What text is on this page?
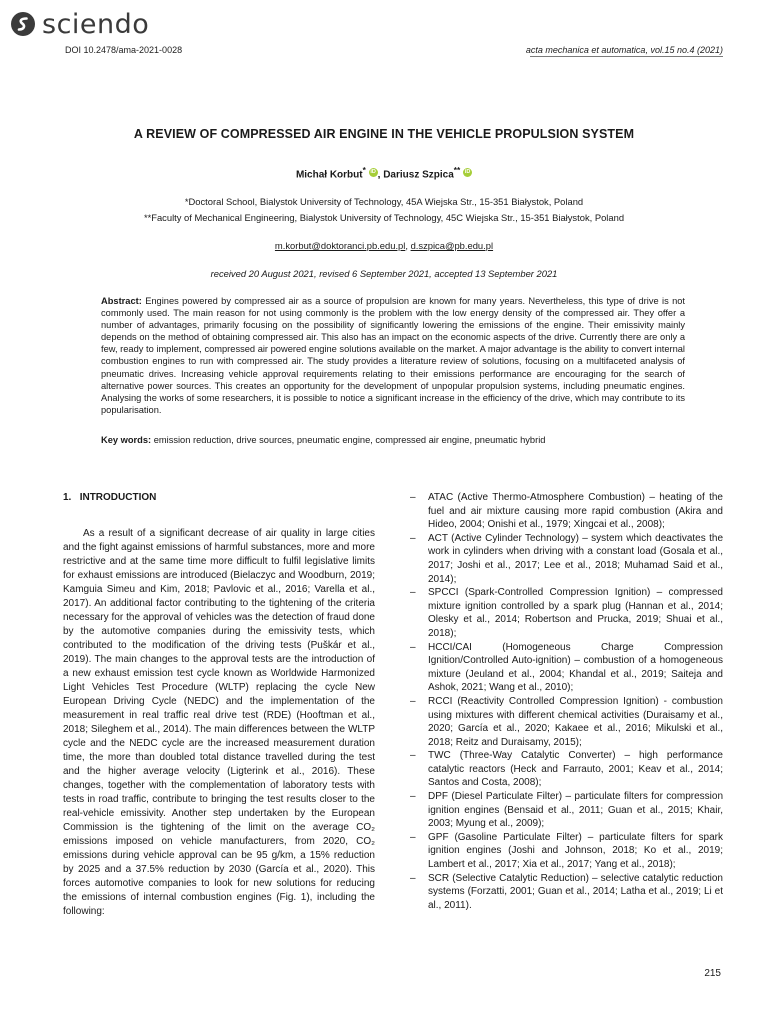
sciendo
DOI 10.2478/ama-2021-0028	acta mechanica et automatica, vol.15 no.4 (2021)
A REVIEW OF COMPRESSED AIR ENGINE IN THE VEHICLE PROPULSION SYSTEM
Michał Korbut* iD , Dariusz Szpica** iD
*Doctoral School, Bialystok University of Technology, 45A Wiejska Str., 15-351 Białystok, Poland
**Faculty of Mechanical Engineering, Bialystok University of Technology, 45C Wiejska Str., 15-351 Białystok, Poland
m.korbut@doktoranci.pb.edu.pl, d.szpica@pb.edu.pl
received 20 August 2021, revised 6 September 2021, accepted 13 September 2021
Abstract: Engines powered by compressed air as a source of propulsion are known for many years. Nevertheless, this type of drive is not commonly used. The main reason for not using commonly is the problem with the low energy density of the compressed air. They offer a number of advantages, primarily focusing on the possibility of significantly lowering the emissions of the engine. Their emissivity mainly depends on the method of obtaining compressed air. This also has an impact on the economic aspects of the drive. Currently there are only a few, ready to implement, compressed air powered engine solutions available on the market. A major advantage is the ability to convert internal combustion engines to run with compressed air. The study provides a literature review of solutions, focusing on a multifaceted analysis of pneumatic drives. Increasing vehicle approval requirements relating to their emissions performance are encouraging for the search of alternative power sources. This creates an opportunity for the development of unpopular propulsion systems, including pneumatic engines. Analysing the works of some researchers, it is possible to notice a significant increase in the efficiency of the drive, which may contribute to its popularisation.
Key words: emission reduction, drive sources, pneumatic engine, compressed air engine, pneumatic hybrid
1. INTRODUCTION
As a result of a significant decrease of air quality in large cities and the fight against emissions of harmful substances, more and more restrictive and at the same time more difficult to fulfil legislative limits for exhaust emissions are introduced (Bielaczyc and Woodburn, 2019; Kamguia Simeu and Kim, 2018; Pavlovic et al., 2016; Varella et al., 2017). An additional factor contributing to the tightening of the criteria necessary for the approval of vehicles was the detection of fraud done by the automotive companies during the emissivity tests, which contributed to the modification of the driving tests (Puškár et al., 2019). The main changes to the approval tests are the introduction of a new exhaust emission test cycle known as Worldwide Harmonized Light Vehicles Test Procedure (WLTP) replacing the cycle New European Driving Cycle (NEDC) and the implementation of the measurement in real traffic real drive test (RDE) (Hooftman et al., 2018; Sileghem et al., 2014). The main differences between the WLTP cycle and the NEDC cycle are the increased measurement duration time, the more than doubled total distance travelled during the test and the higher average velocity (Ligterink et al., 2016). These changes, together with the complementation of laboratory tests with tests in road traffic, contribute to bringing the test results closer to the real-vehicle emissivity. Another step undertaken by the European Commission is the tightening of the limit on the average CO₂ emissions imposed on vehicle manufacturers, from 2020, CO₂ emissions during vehicle approval can be 95 g/km, a 15% reduction by 2025 and a 37.5% reduction by 2030 (García et al., 2020). This forces automotive companies to look for new solutions for reducing the emissions of internal combustion engines (Fig. 1), including the following:
– ATAC (Active Thermo-Atmosphere Combustion) – heating of the fuel and air mixture causing more rapid combustion (Akira and Hideo, 2004; Onishi et al., 1979; Xingcai et al., 2008);
– ACT (Active Cylinder Technology) – system which deactivates the work in cylinders when driving with a constant load (Gosala et al., 2017; Joshi et al., 2017; Lee et al., 2018; Muhamad Said et al., 2014);
– SPCCI (Spark-Controlled Compression Ignition) – compressed mixture ignition controlled by a spark plug (Hannan et al., 2014; Olesky et al., 2014; Robertson and Prucka, 2019; Shuai et al., 2018);
– HCCI/CAI (Homogeneous Charge Compression Ignition/Controlled Auto-ignition) – combustion of a homogeneous mixture (Jeuland et al., 2004; Khandal et al., 2019; Saiteja and Ashok, 2021; Wang et al., 2010);
– RCCI (Reactivity Controlled Compression Ignition) - combustion using mixtures with different chemical activities (Duraisamy et al., 2020; García et al., 2020; Kakaee et al., 2016; Mikulski et al., 2018; Reitz and Duraisamy, 2015);
– TWC (Three-Way Catalytic Converter) – high performance catalytic reactors (Heck and Farrauto, 2001; Keav et al., 2014; Santos and Costa, 2008);
– DPF (Diesel Particulate Filter) – particulate filters for compression ignition engines (Bensaid et al., 2011; Guan et al., 2015; Khair, 2003; Myung et al., 2009);
– GPF (Gasoline Particulate Filter) – particulate filters for spark ignition engines (Joshi and Johnson, 2018; Ko et al., 2019; Lambert et al., 2017; Xia et al., 2017; Yang et al., 2018);
– SCR (Selective Catalytic Reduction) – selective catalytic reduction systems (Forzatti, 2001; Guan et al., 2014; Latha et al., 2019; Li et al., 2011).
215
